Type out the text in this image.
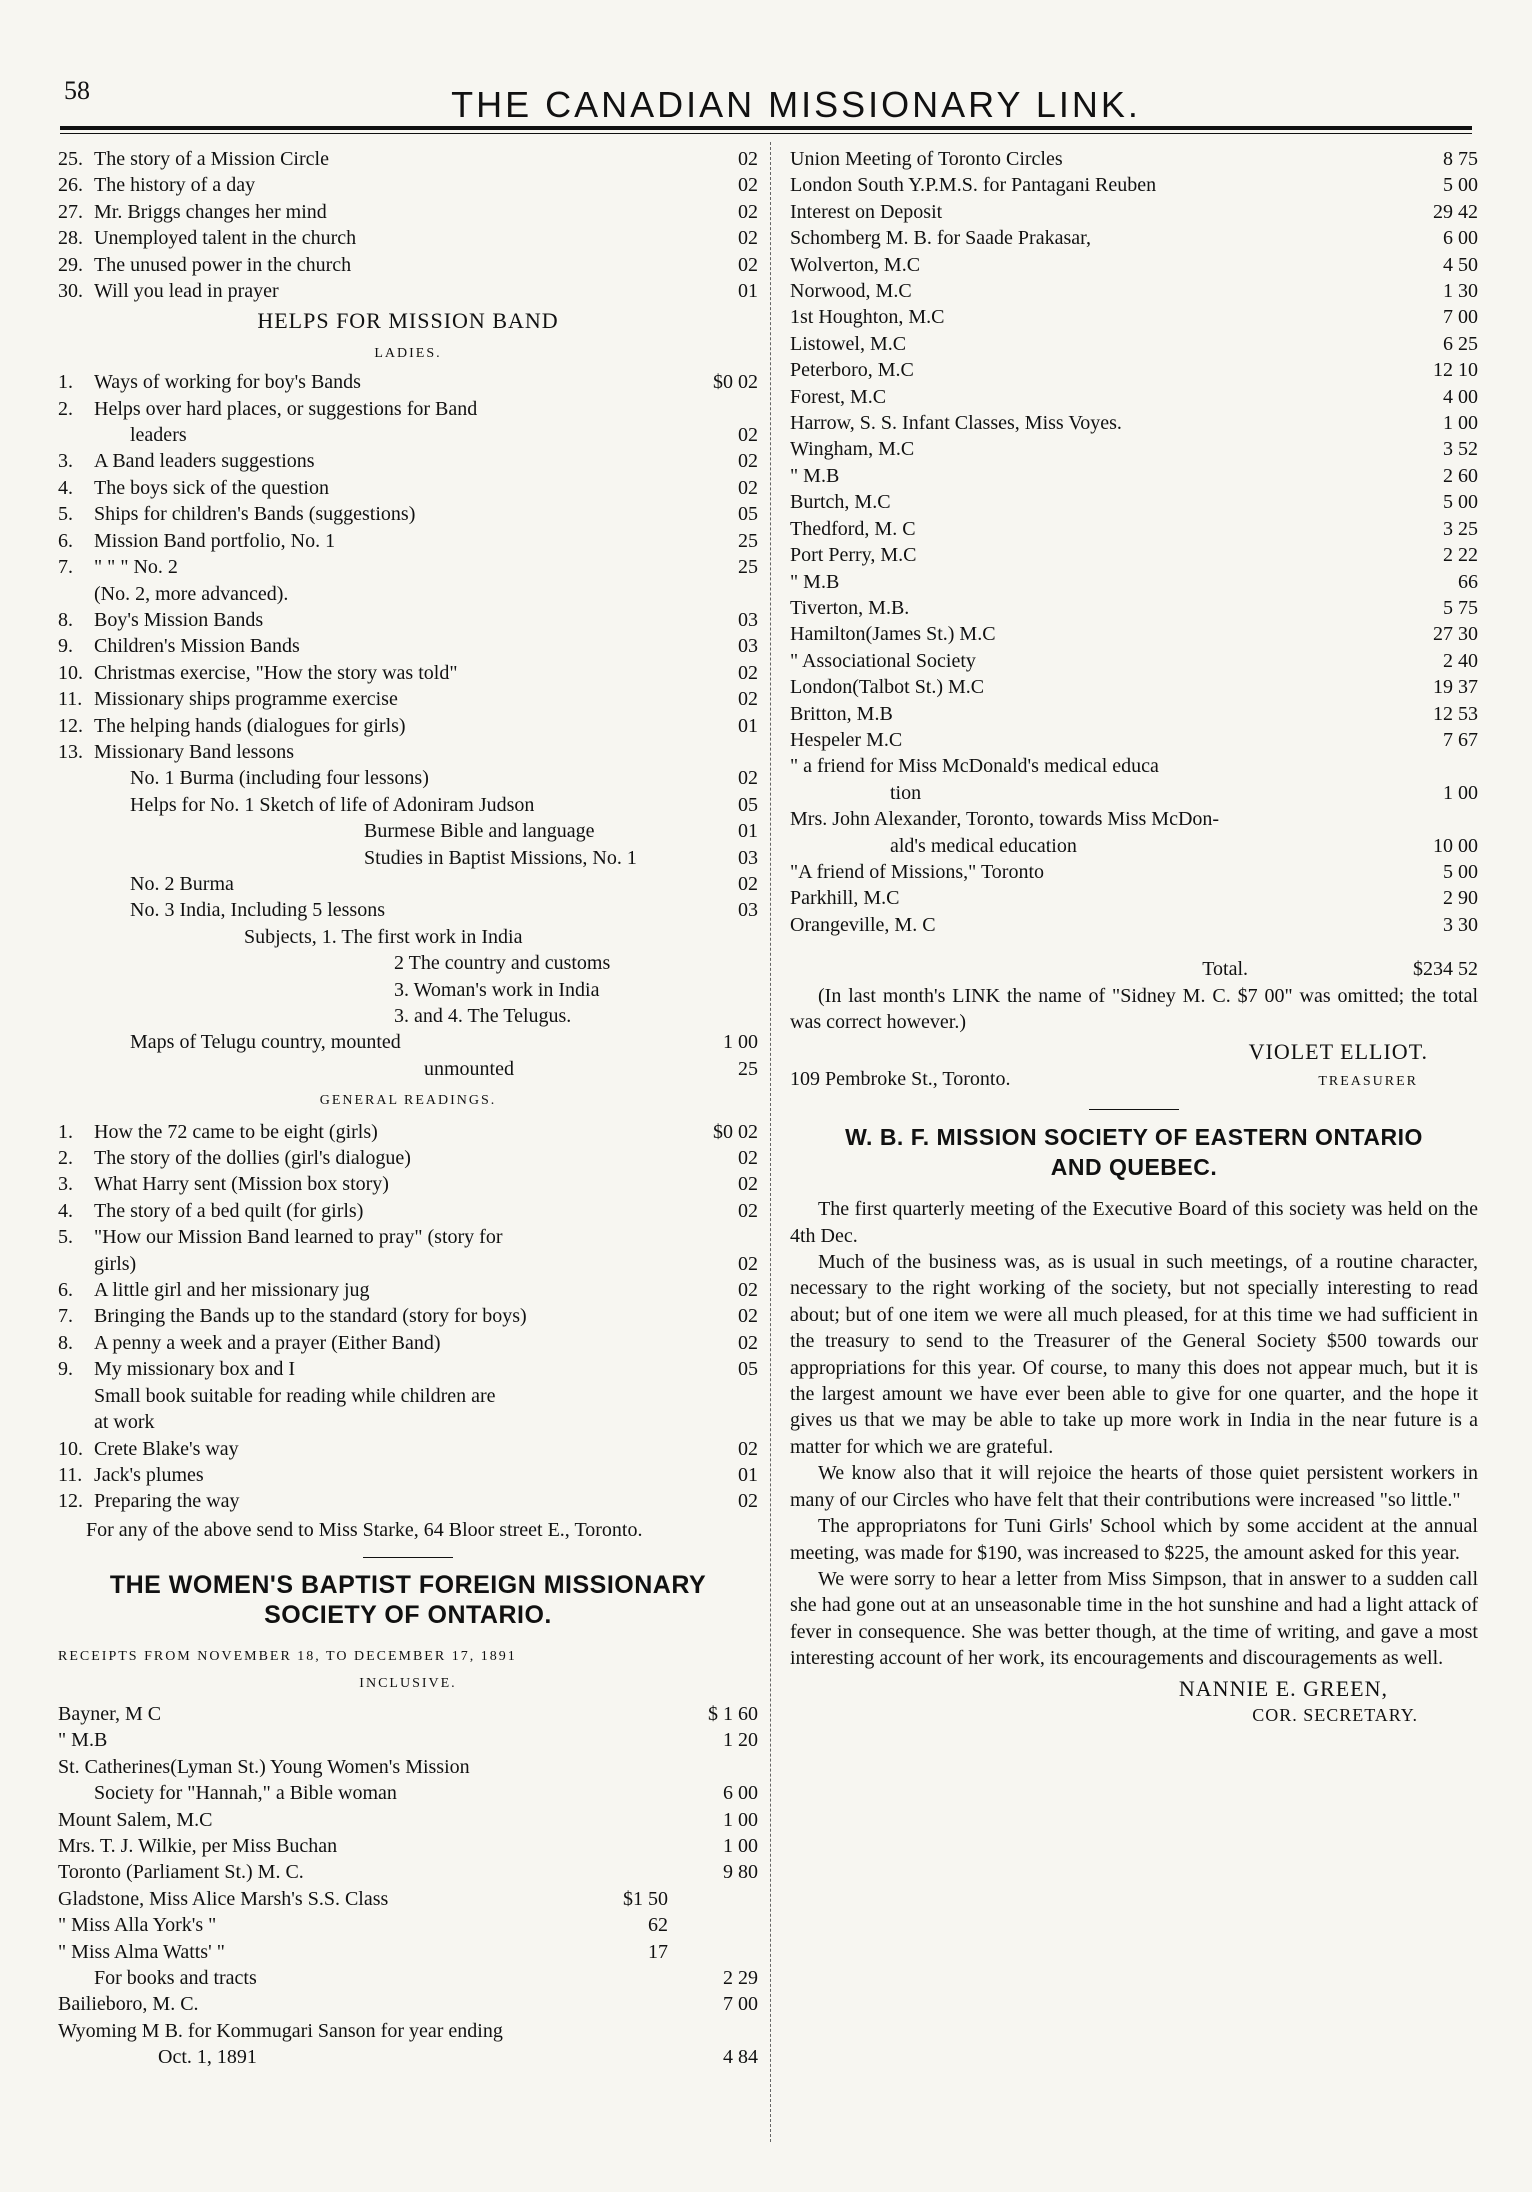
58	THE CANADIAN MISSIONARY LINK.
25. The story of a Mission Circle	02
26. The history of a day	02
27. Mr. Briggs changes her mind	02
28. Unemployed talent in the church	02
29. The unused power in the church	02
30. Will you lead in prayer	01
HELPS FOR MISSION BAND
LADIES.
1.	Ways of working for boy's Bands	$0 02
2.	Helps over hard places, or suggestions for Band
leaders	02
3.	A Band leaders suggestions	02
4.	The boys sick of the question	02
5.	Ships for children's Bands (suggestions)	05
6.	Mission Band portfolio, No. 1	25
7.	" " " No. 2	25
(No. 2, more advanced).
8.	Boy's Mission Bands	03
9.	Children's Mission Bands	03
10. Christmas exercise, "How the story was told"	02
11. Missionary ships programme exercise	02
12. The helping hands (dialogues for girls)	01
13. Missionary Band lessons
No. 1 Burma (including four lessons)	02
Helps for No. 1 Sketch of life of Adoniram Judson	05
Burmese Bible and language	01
Studies in Baptist Missions, No. 1	03
No. 2 Burma	02
No. 3 India, Including 5 lessons	03
Subjects, 1. The first work in India
2 The country and customs
3. Woman's work in India
3. and 4. The Telugus.
Maps of Telugu country, mounted	1 00
unmounted	25
GENERAL READINGS.
1.	How the 72 came to be eight (girls)	$0 02
2.	The story of the dollies (girl's dialogue)	02
3.	What Harry sent (Mission box story)	02
4.	The story of a bed quilt (for girls)	02
5.	"How our Mission Band learned to pray" (story for
girls)	02
6.	A little girl and her missionary jug	02
7.	Bringing the Bands up to the standard (story for boys)	02
8.	A penny a week and a prayer (Either Band)	02
9.	My missionary box and I	05
Small book suitable for reading while children are
at work
10. Crete Blake's way	02
11. Jack's plumes	01
12. Preparing the way	02

For any of the above send to Miss Starke, 64 Bloor street E., Toronto.

THE WOMEN'S BAPTIST FOREIGN MISSIONARY
SOCIETY OF ONTARIO.
RECEIPTS FROM NOVEMBER 18, TO DECEMBER 17, 1891
INCLUSIVE.
Bayner, M C	$ 1 60
" M.B	1 20
St. Catherines(Lyman St.) Young Women's Mission
Society for "Hannah," a Bible woman	6 00
Mount Salem, M.C	1 00
Mrs. T. J. Wilkie, per Miss Buchan	1 00
Toronto (Parliament St.) M. C.	9 80
Gladstone, Miss Alice Marsh's S.S. Class	$1 50
" Miss Alla York's "	62
" Miss Alma Watts' "	17
For books and tracts	2 29
Bailieboro, M. C.	7 00
Wyoming M B. for Kommugari Sanson for year ending
Oct. 1, 1891	4 84
Union Meeting of Toronto Circles	8 75
London South Y.P.M.S. for Pantagani Reuben	5 00
Interest on Deposit	29 42
Schomberg M. B. for Saade Prakasar,	6 00
Wolverton, M.C	4 50
Norwood, M.C	1 30
1st Houghton, M.C	7 00
Listowel, M.C	6 25
Peterboro, M.C	12 10
Forest, M.C	4 00
Harrow, S. S. Infant Classes, Miss Voyes.	1 00
Wingham, M.C	3 52
" M.B	2 60
Burtch, M.C	5 00
Thedford, M. C	3 25
Port Perry, M.C	2 22
" M.B	66
Tiverton, M.B.	5 75
Hamilton(James St.) M.C	27 30
" Associational Society	2 40
London(Talbot St.) M.C	19 37
Britton, M.B	12 53
Hespeler M.C	7 67
" a friend for Miss McDonald's medical educa
tion	1 00
Mrs. John Alexander, Toronto, towards Miss McDon-
ald's medical education	10 00
"A friend of Missions," Toronto	5 00
Parkhill, M.C	2 90
Orangeville, M. C	3 30
Total.	$234 52

(In last month's LINK the name of "Sidney M. C. $7 00" was omitted; the total was correct however.)

VIOLET ELLIOT.
109 Pembroke St., Toronto.	TREASURER
W. B. F. MISSION SOCIETY OF EASTERN ONTARIO
AND QUEBEC.

The first quarterly meeting of the Executive Board of this society was held on the 4th Dec.

Much of the business was, as is usual in such meetings, of a routine character, necessary to the right working of the society, but not specially interesting to read about; but of one item we were all much pleased, for at this time we had sufficient in the treasury to send to the Treasurer of the General Society $500 towards our appropriations for this year. Of course, to many this does not appear much, but it is the largest amount we have ever been able to give for one quarter, and the hope it gives us that we may be able to take up more work in India in the near future is a matter for which we are grateful.

We know also that it will rejoice the hearts of those quiet persistent workers in many of our Circles who have felt that their contributions were increased "so little."

The appropriatons for Tuni Girls' School which by some accident at the annual meeting, was made for $190, was increased to $225, the amount asked for this year.

We were sorry to hear a letter from Miss Simpson, that in answer to a sudden call she had gone out at an unseasonable time in the hot sunshine and had a light attack of fever in consequence. She was better though, at the time of writing, and gave a most interesting account of her work, its encouragements and discouragements as well.

NANNIE E. GREEN,
COR. SECRETARY.
